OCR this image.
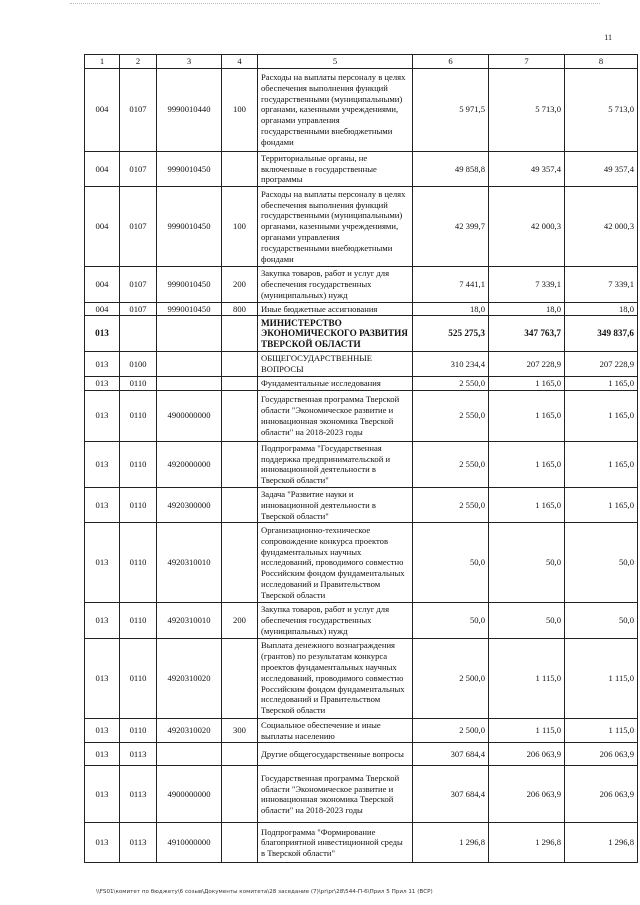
11
1	2	3	4	5	6	7	8
004	0107	9990010440	100	Расходы на выплаты персоналу в целях обеспечения выполнения функций государственными (муниципальными) органами, казенными учреждениями, органами управления государственными внебюджетными фондами	5 971,5	5 713,0	5 713,0
004	0107	9990010450		Территориальные органы, не включенные в государственные программы	49 858,8	49 357,4	49 357,4
004	0107	9990010450	100	Расходы на выплаты персоналу в целях обеспечения выполнения функций государственными (муниципальными) органами, казенными учреждениями, органами управления государственными внебюджетными фондами	42 399,7	42 000,3	42 000,3
004	0107	9990010450	200	Закупка товаров, работ и услуг для обеспечения государственных (муниципальных) нужд	7 441,1	7 339,1	7 339,1
004	0107	9990010450	800	Иные бюджетные ассигнования	18,0	18,0	18,0
013				МИНИСТЕРСТВО ЭКОНОМИЧЕСКОГО РАЗВИТИЯ ТВЕРСКОЙ ОБЛАСТИ	525 275,3	347 763,7	349 837,6
013	0100			ОБЩЕГОСУДАРСТВЕННЫЕ ВОПРОСЫ	310 234,4	207 228,9	207 228,9
013	0110			Фундаментальные исследования	2 550,0	1 165,0	1 165,0
013	0110	4900000000		Государственная программа Тверской области "Экономическое развитие и инновационная экономика Тверской области" на 2018-2023 годы	2 550,0	1 165,0	1 165,0
013	0110	4920000000		Подпрограмма "Государственная поддержка предпринимательской и инновационной деятельности в Тверской области"	2 550,0	1 165,0	1 165,0
013	0110	4920300000		Задача "Развитие науки и инновационной деятельности в Тверской области"	2 550,0	1 165,0	1 165,0
013	0110	4920310010		Организационно-техническое сопровождение конкурса проектов фундаментальных научных исследований, проводимого совместно Российским фондом фундаментальных исследований и Правительством Тверской области	50,0	50,0	50,0
013	0110	4920310010	200	Закупка товаров, работ и услуг для обеспечения государственных (муниципальных) нужд	50,0	50,0	50,0
013	0110	4920310020		Выплата денежного вознаграждения (грантов) по результатам конкурса проектов фундаментальных научных исследований, проводимого совместно Российским фондом фундаментальных исследований и Правительством Тверской области	2 500,0	1 115,0	1 115,0
013	0110	4920310020	300	Социальное обеспечение и иные выплаты населению	2 500,0	1 115,0	1 115,0
013	0113			Другие общегосударственные вопросы	307 684,4	206 063,9	206 063,9
013	0113	4900000000		Государственная программа Тверской области "Экономическое развитие и инновационная экономика Тверской области" на 2018-2023 годы	307 684,4	206 063,9	206 063,9
013	0113	4910000000		Подпрограмма "Формирование благоприятной инвестиционной среды в Тверской области"	1 296,8	1 296,8	1 296,8
\\FS01\комитет по бюджету\6 созыв\Документы комитета\28 заседание (7)\pr\pr\28\544-П-6\Прил 5 Прил 11 (ВСР)
